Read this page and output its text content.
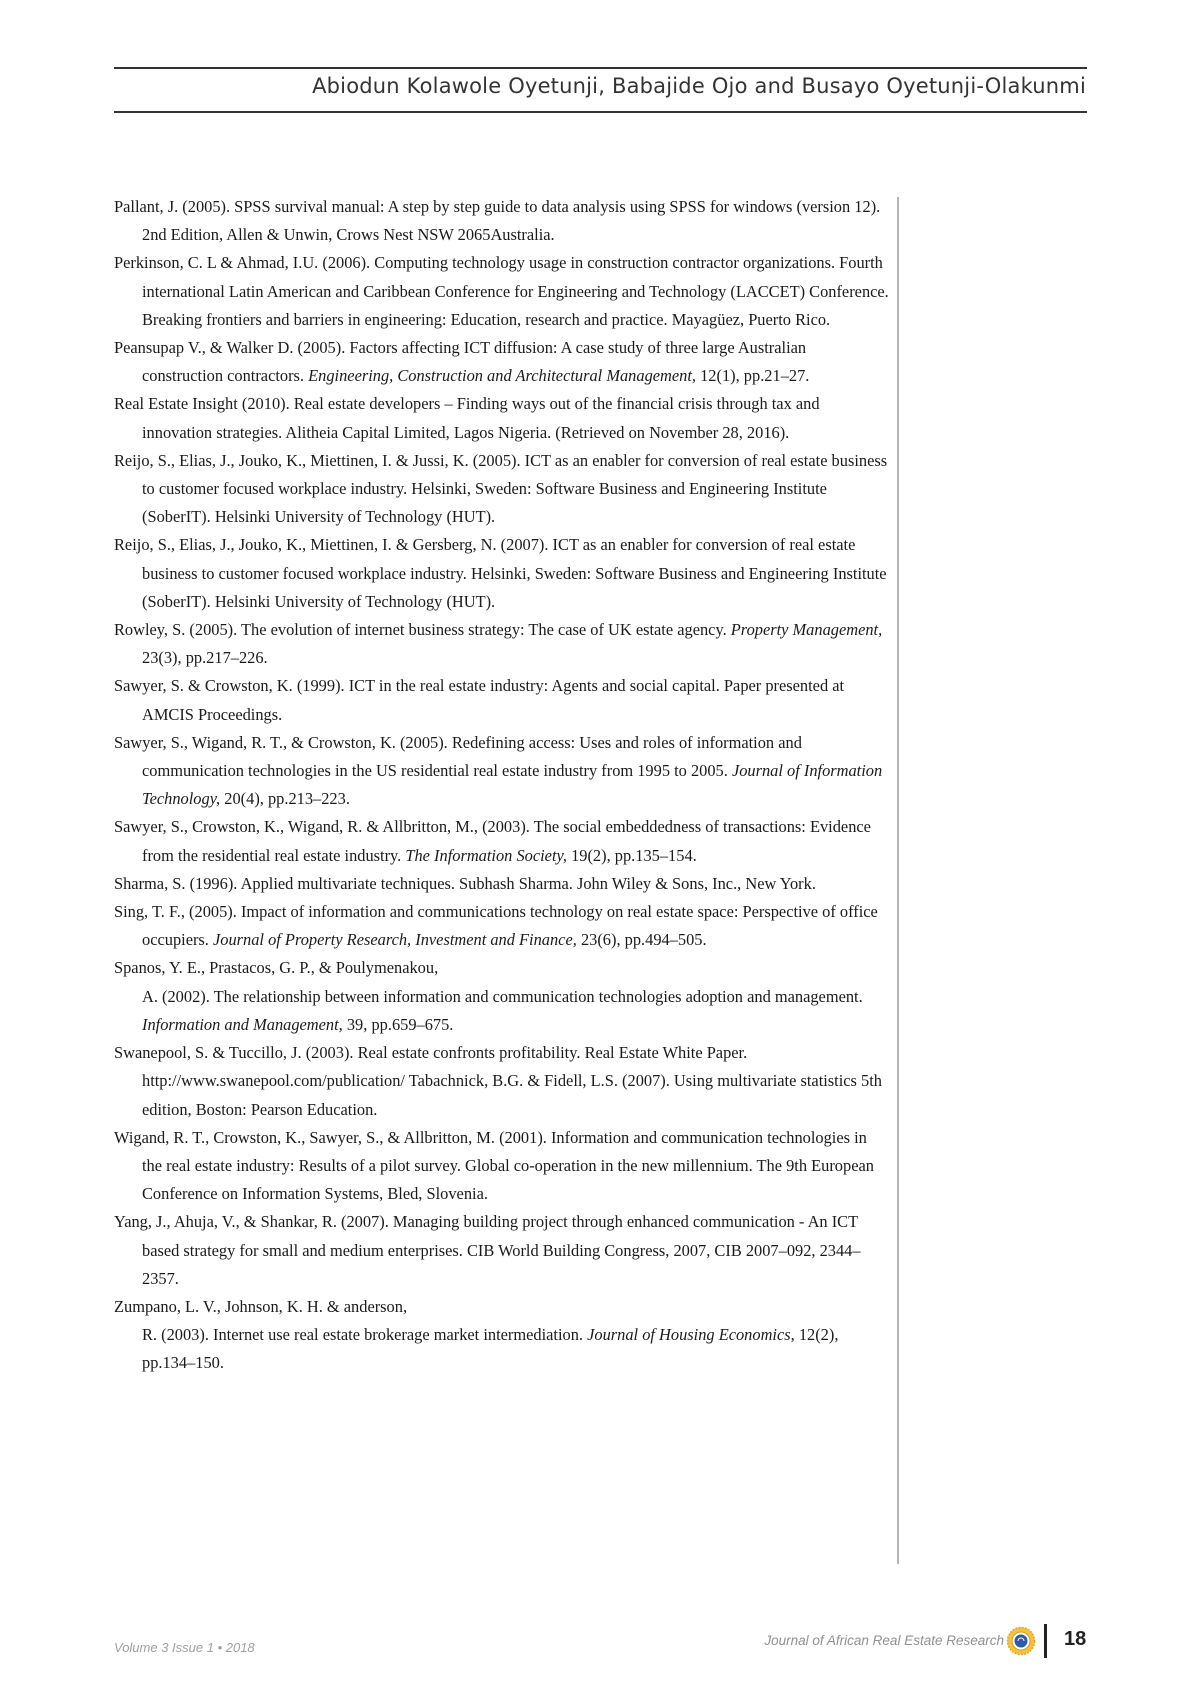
Abiodun Kolawole Oyetunji, Babajide Ojo and Busayo Oyetunji-Olakunmi

Pallant, J. (2005). SPSS survival manual: A step by step guide to data analysis using SPSS for windows (version 12). 2nd Edition, Allen & Unwin, Crows Nest NSW 2065Australia.

Perkinson, C. L & Ahmad, I.U. (2006). Computing technology usage in construction contractor organizations. Fourth international Latin American and Caribbean Conference for Engineering and Technology (LACCET) Conference. Breaking frontiers and barriers in engineering: Education, research and practice. Mayagüez, Puerto Rico.

Peansupap V., & Walker D. (2005). Factors affecting ICT diffusion: A case study of three large Australian construction contractors. Engineering, Construction and Architectural Management, 12(1), pp.21–27.

Real Estate Insight (2010). Real estate developers – Finding ways out of the financial crisis through tax and innovation strategies. Alitheia Capital Limited, Lagos Nigeria. (Retrieved on November 28, 2016).

Reijo, S., Elias, J., Jouko, K., Miettinen, I. & Jussi, K. (2005). ICT as an enabler for conversion of real estate business to customer focused workplace industry. Helsinki, Sweden: Software Business and Engineering Institute (SoberIT). Helsinki University of Technology (HUT).

Reijo, S., Elias, J., Jouko, K., Miettinen, I. & Gersberg, N. (2007). ICT as an enabler for conversion of real estate business to customer focused workplace industry. Helsinki, Sweden: Software Business and Engineering Institute (SoberIT). Helsinki University of Technology (HUT).

Rowley, S. (2005). The evolution of internet business strategy: The case of UK estate agency. Property Management, 23(3), pp.217–226.

Sawyer, S. & Crowston, K. (1999). ICT in the real estate industry: Agents and social capital. Paper presented at AMCIS Proceedings.

Sawyer, S., Wigand, R. T., & Crowston, K. (2005). Redefining access: Uses and roles of information and communication technologies in the US residential real estate industry from 1995 to 2005. Journal of Information Technology, 20(4), pp.213–223.

Sawyer, S., Crowston, K., Wigand, R. & Allbritton, M., (2003). The social embeddedness of transactions: Evidence from the residential real estate industry. The Information Society, 19(2), pp.135–154.

Sharma, S. (1996). Applied multivariate techniques. Subhash Sharma. John Wiley & Sons, Inc., New York.

Sing, T. F., (2005). Impact of information and communications technology on real estate space: Perspective of office occupiers. Journal of Property Research, Investment and Finance, 23(6), pp.494–505.

Spanos, Y. E., Prastacos, G. P., & Poulymenakou,

A. (2002). The relationship between information and communication technologies adoption and management. Information and Management, 39, pp.659–675.

Swanepool, S. & Tuccillo, J. (2003). Real estate confronts profitability. Real Estate White Paper. http://www.swanepool.com/publication/ Tabachnick, B.G. & Fidell, L.S. (2007). Using multivariate statistics 5th edition, Boston: Pearson Education.

Wigand, R. T., Crowston, K., Sawyer, S., & Allbritton, M. (2001). Information and communication technologies in the real estate industry: Results of a pilot survey. Global co-operation in the new millennium. The 9th European Conference on Information Systems, Bled, Slovenia.

Yang, J., Ahuja, V., & Shankar, R. (2007). Managing building project through enhanced communication - An ICT based strategy for small and medium enterprises. CIB World Building Congress, 2007, CIB 2007–092, 2344–2357.

Zumpano, L. V., Johnson, K. H. & anderson,

R. (2003). Internet use real estate brokerage market intermediation. Journal of Housing Economics, 12(2), pp.134–150.

Volume 3 Issue 1 • 2018	Journal of African Real Estate Research	18
